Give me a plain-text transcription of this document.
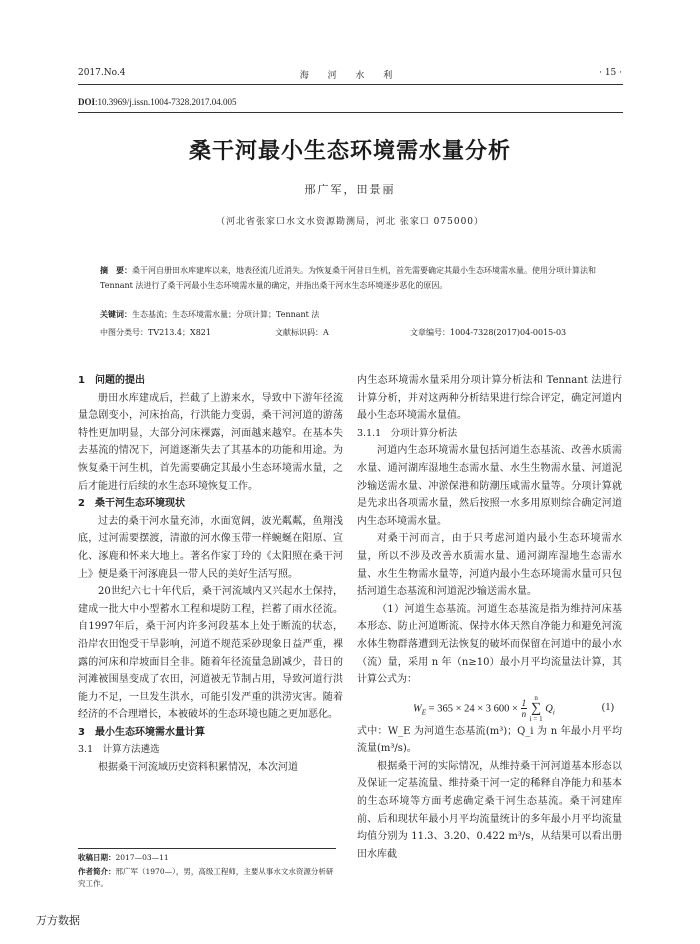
2017.No.4	海 河 水 利	· 15 ·
DOI:10.3969/j.issn.1004-7328.2017.04.005
桑干河最小生态环境需水量分析
邢广军，田景丽
（河北省张家口水文水资源勘测局，河北 张家口 075000）
摘　要：桑干河自册田水库建库以来，地表径流几近消失。为恢复桑干河昔日生机，首先需要确定其最小生态环境需水量。使用分项计算法和 Tennant 法进行了桑干河最小生态环境需水量的确定，并指出桑干河水生态环境逐步恶化的原因。
关键词：生态基流；生态环境需水量；分项计算；Tennant 法
中图分类号：TV213.4；X821	文献标识码：A	文章编号：1004-7328(2017)04-0015-03

1　问题的提出

册田水库建成后，拦截了上游来水，导致中下游年径流量急剧变小，河床抬高，行洪能力变弱，桑干河河道的游荡特性更加明显，大部分河床裸露，河面越来越窄。在基本失去基流的情况下，河道逐渐失去了其基本的功能和用途。为恢复桑干河生机，首先需要确定其最小生态环境需水量，之后才能进行后续的水生态环境恢复工作。

2　桑干河生态环境现状

过去的桑干河水量充沛，水面宽阔，波光粼粼，鱼翔浅底，过河需要摆渡，清澈的河水像玉带一样蜿蜒在阳原、宣化、涿鹿和怀来大地上。著名作家丁玲的《太阳照在桑干河上》便是桑干河涿鹿县一带人民的美好生活写照。

20世纪六七十年代后，桑干河流域内又兴起水土保持，建成一批大中小型蓄水工程和堤防工程，拦蓄了雨水径流。自1997年后，桑干河内许多河段基本上处于断流的状态，沿岸农田饱受干旱影响，河道不规范采砂现象日益严重，裸露的河床和岸坡面目全非。随着年径流量急剧减少，昔日的河滩被围垦变成了农田，河道被无节制占用，导致河道行洪能力不足，一旦发生洪水，可能引发严重的洪涝灾害。随着经济的不合理增长，本被破坏的生态环境也随之更加恶化。

3　最小生态环境需水量计算

3.1　计算方法遴选

根据桑干河流域历史资料积累情况，本次河道

内生态环境需水量采用分项计算分析法和 Tennant 法进行计算分析，并对这两种分析结果进行综合评定，确定河道内最小生态环境需水量值。

3.1.1　分项计算分析法

河道内生态环境需水量包括河道生态基流、改善水质需水量、通河湖库湿地生态需水量、水生生物需水量、河道泥沙输送需水量、冲淤保港和防潮压咸需水量等。分项计算就是先求出各项需水量，然后按照一水多用原则综合确定河道内生态环境需水量。

对桑干河而言，由于只考虑河道内最小生态环境需水量，所以不涉及改善水质需水量、通河湖库湿地生态需水量、水生生物需水量等，河道内最小生态环境需水量可只包括河道生态基流和河道泥沙输送需水量。

（1）河道生态基流。河道生态基流是指为维持河床基本形态、防止河道断流、保持水体天然自净能力和避免河流水体生物群落遭到无法恢复的破坏而保留在河道中的最小水（流）量，采用 n 年（n≥10）最小月平均流量法计算，其计算公式为：

$W_E = 365 \times 24 \times 3$ $600 \times \frac{1}{n}$ n
∑
i = 1 $Q_i$	(1)

式中：W_E 为河道生态基流(m³)；Q_i 为 n 年最小月平均流量(m³/s)。

根据桑干河的实际情况，从维持桑干河河道基本形态以及保证一定基流量、维持桑干河一定的稀释自净能力和基本的生态环境等方面考虑确定桑干河生态基流。桑干河建库前、后和现状年最小月平均流量统计的多年最小月平均流量均值分别为 11.3、3.20、0.422 m³/s，从结果可以看出册田水库截

收稿日期：2017—03—11
作者简介：邢广军（1970—），男，高级工程师，主要从事水文水资源分析研究工作。
万方数据
